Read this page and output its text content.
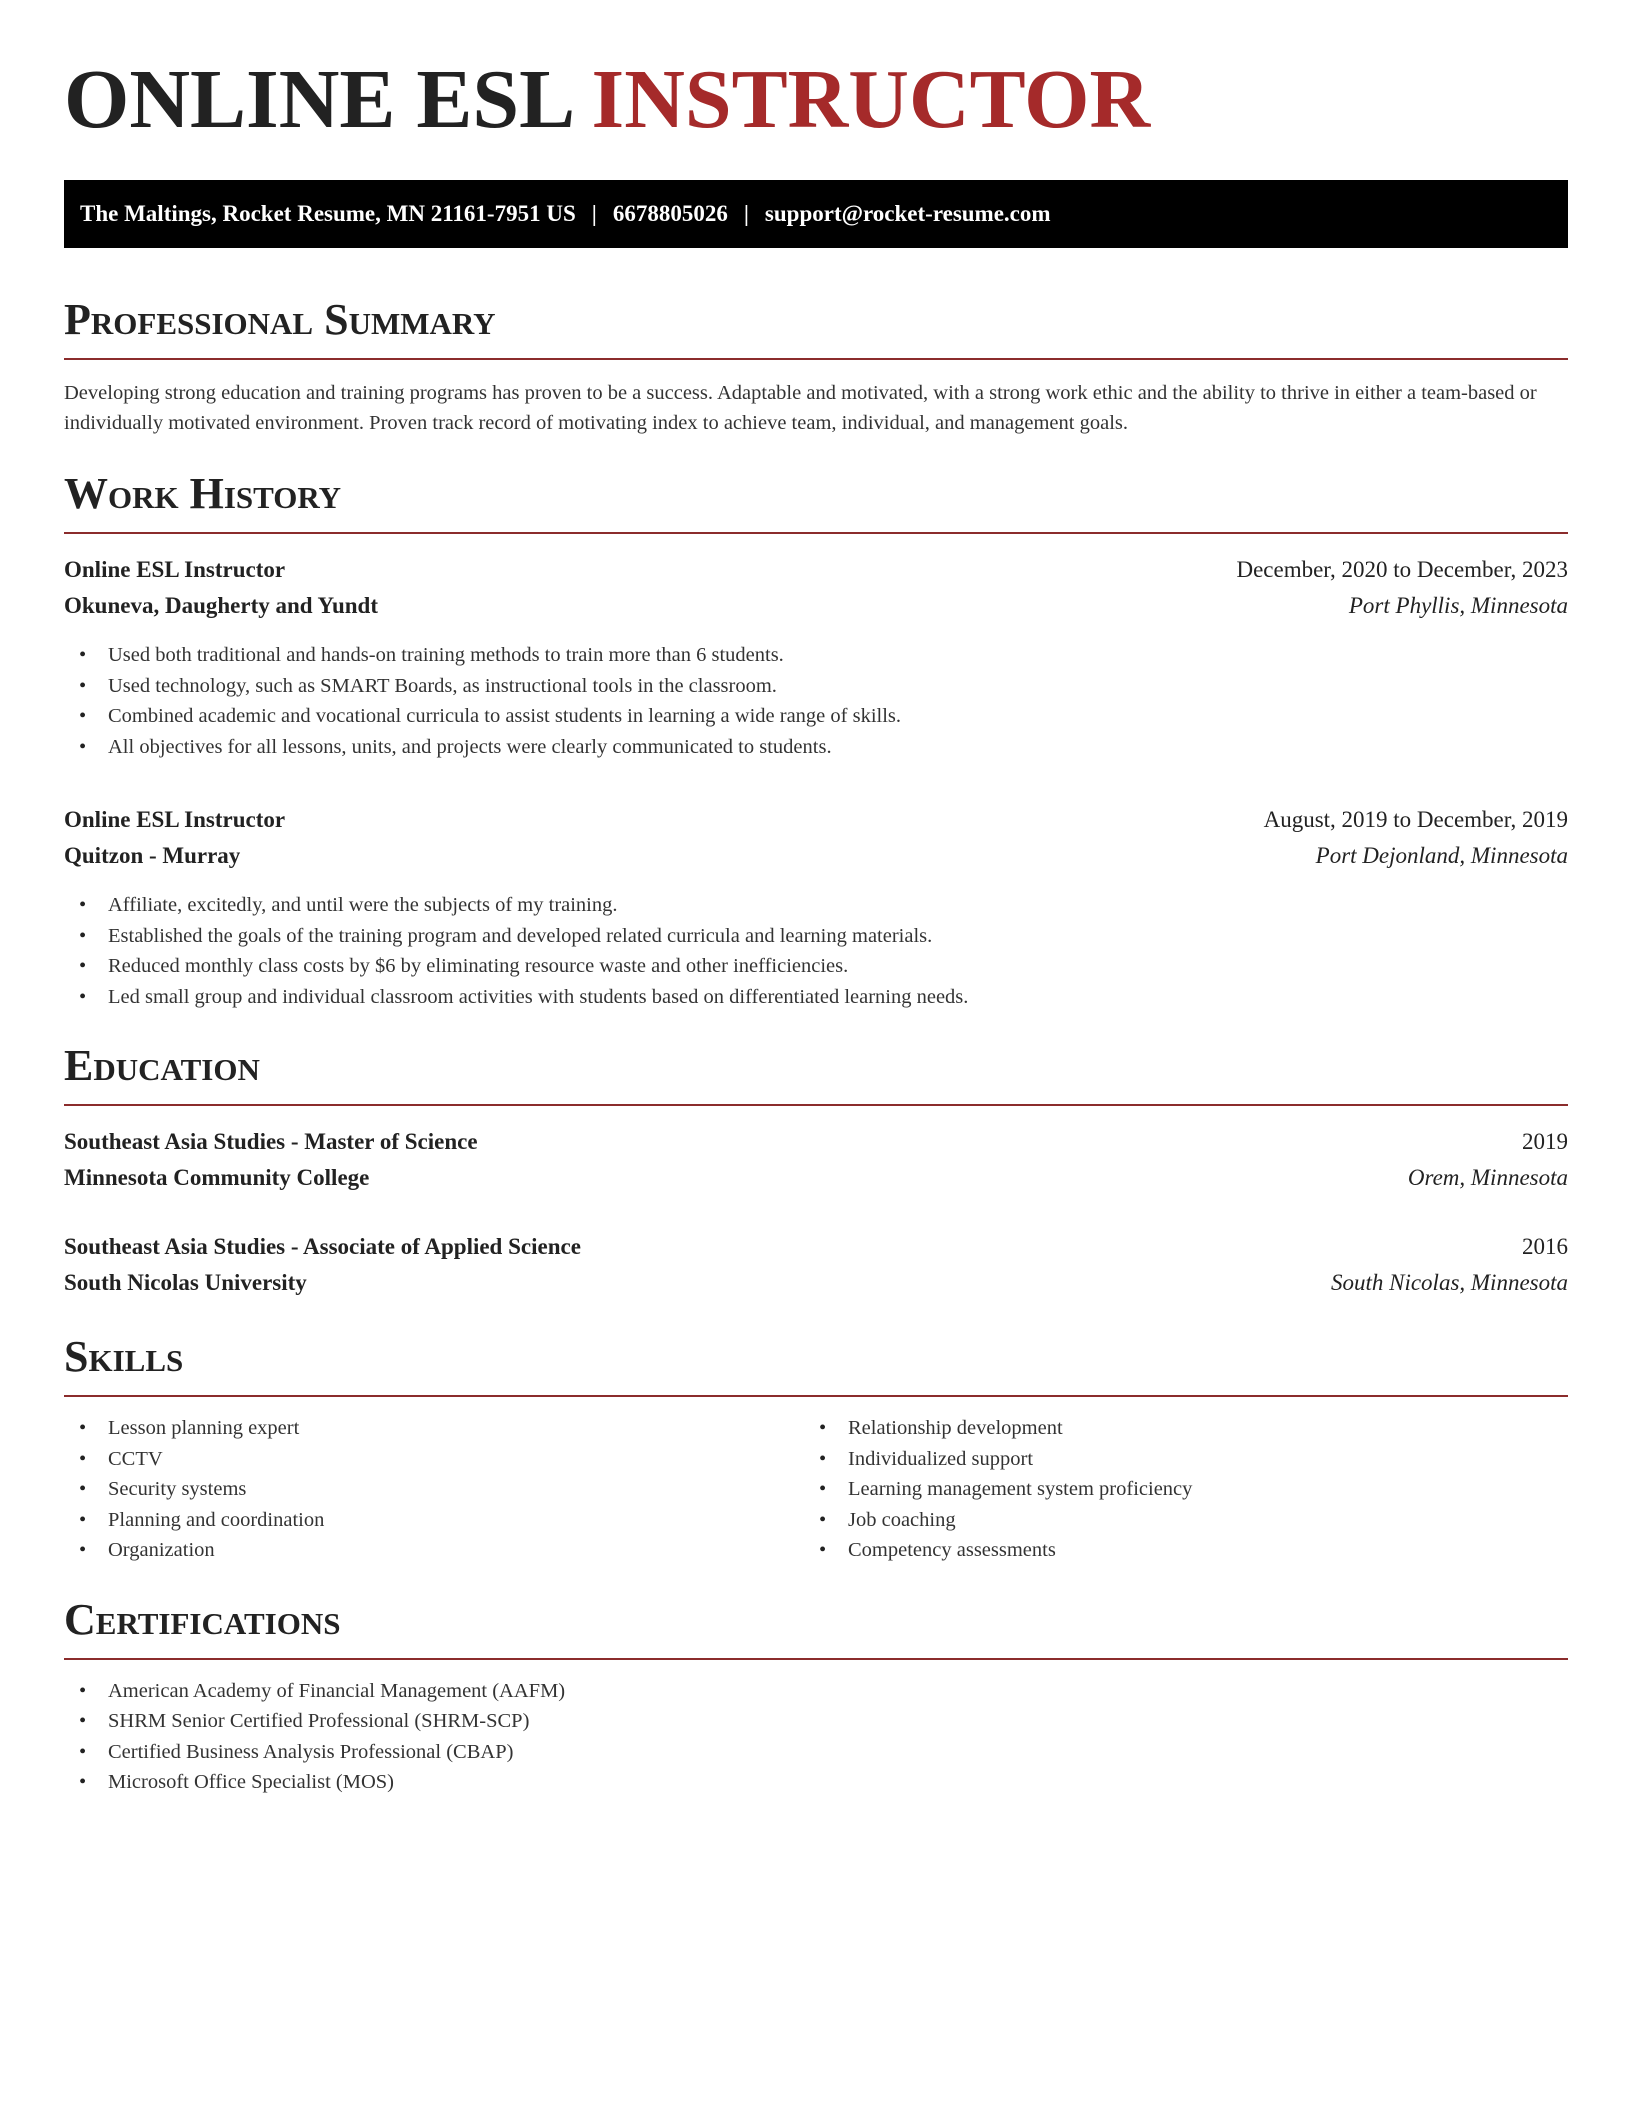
ONLINE ESL INSTRUCTOR
The Maltings, Rocket Resume, MN 21161-7951 US | 6678805026 | support@rocket-resume.com
Professional Summary

Developing strong education and training programs has proven to be a success. Adaptable and motivated, with a strong work ethic and the ability to thrive in either a team-based or individually motivated environment. Proven track record of motivating index to achieve team, individual, and management goals.

Work History
Online ESL Instructor	December, 2020 to December, 2023
Okuneva, Daugherty and Yundt	Port Phyllis, Minnesota
• Used both traditional and hands-on training methods to train more than 6 students.
• Used technology, such as SMART Boards, as instructional tools in the classroom.
• Combined academic and vocational curricula to assist students in learning a wide range of skills.
• All objectives for all lessons, units, and projects were clearly communicated to students.
Online ESL Instructor	August, 2019 to December, 2019
Quitzon - Murray	Port Dejonland, Minnesota
• Affiliate, excitedly, and until were the subjects of my training.
• Established the goals of the training program and developed related curricula and learning materials.
• Reduced monthly class costs by $6 by eliminating resource waste and other inefficiencies.
• Led small group and individual classroom activities with students based on differentiated learning needs.
Education
Southeast Asia Studies - Master of Science	2019
Minnesota Community College	Orem, Minnesota
Southeast Asia Studies - Associate of Applied Science	2016
South Nicolas University	South Nicolas, Minnesota
Skills
• Lesson planning expert
• CCTV
• Security systems
• Planning and coordination
• Organization
• Relationship development
• Individualized support
• Learning management system proficiency
• Job coaching
• Competency assessments
Certifications
• American Academy of Financial Management (AAFM)
• SHRM Senior Certified Professional (SHRM-SCP)
• Certified Business Analysis Professional (CBAP)
• Microsoft Office Specialist (MOS)
